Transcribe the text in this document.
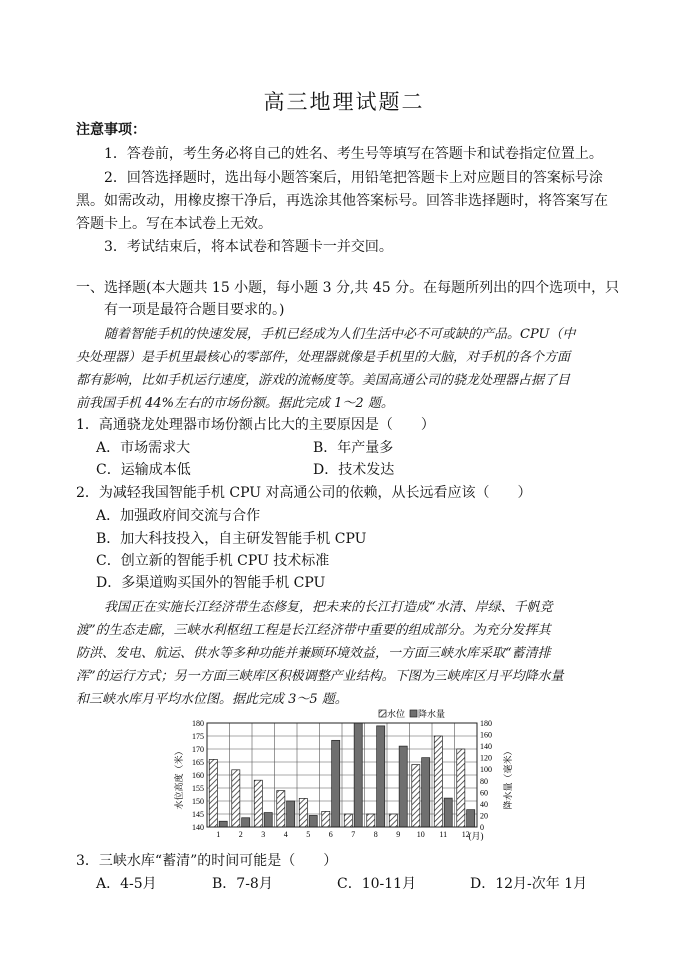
高三地理试题二
注意事项：
1．答卷前，考生务必将自己的姓名、考生号等填写在答题卡和试卷指定位置上。
2．回答选择题时，选出每小题答案后，用铅笔把答题卡上对应题目的答案标号涂
黑。如需改动，用橡皮擦干净后，再选涂其他答案标号。回答非选择题时，将答案写在
答题卡上。写在本试卷上无效。
3．考试结束后，将本试卷和答题卡一并交回。
一、选择题(本大题共 15 小题，每小题 3 分,共 45 分。在每题所列出的四个选项中，只
有一项是最符合题目要求的。)
随着智能手机的快速发展，手机已经成为人们生活中必不可或缺的产品。CPU（中
央处理器）是手机里最核心的零部件，处理器就像是手机里的大脑，对手机的各个方面
都有影响，比如手机运行速度，游戏的流畅度等。美国高通公司的骁龙处理器占据了目
前我国手机 44%左右的市场份额。据此完成 1～2 题。
1．高通骁龙处理器市场份额占比大的主要原因是（　　）
A．市场需求大	B．年产量多
C．运输成本低	D．技术发达
2．为减轻我国智能手机 CPU 对高通公司的依赖，从长远看应该（　　）
A．加强政府间交流与合作
B．加大科技投入，自主研发智能手机 CPU
C．创立新的智能手机 CPU 技术标准
D．多渠道购买国外的智能手机 CPU
我国正在实施长江经济带生态修复，把未来的长江打造成“水清、岸绿、千帆竞
渡”的生态走廊，三峡水利枢纽工程是长江经济带中重要的组成部分。为充分发挥其
防洪、发电、航运、供水等多种功能并兼顾环境效益，一方面三峡水库采取“蓄清排
浑”的运行方式；另一方面三峡库区积极调整产业结构。下图为三峡库区月平均降水量
和三峡水库月平均水位图。据此完成 3～5 题。
140
145
150
155
160
165
170
175
180
0
20
40
60
80
100
120
140
160
180
1 2 3 4 5 6 7 8 9 10 11 12
水位高度（米）	降水量（毫米）
(月)
水位 降水量
3．三峡水库“蓄清”的时间可能是（　　）
A．4-5月	B．7-8月	C．10-11月	D．12月-次年 1月
